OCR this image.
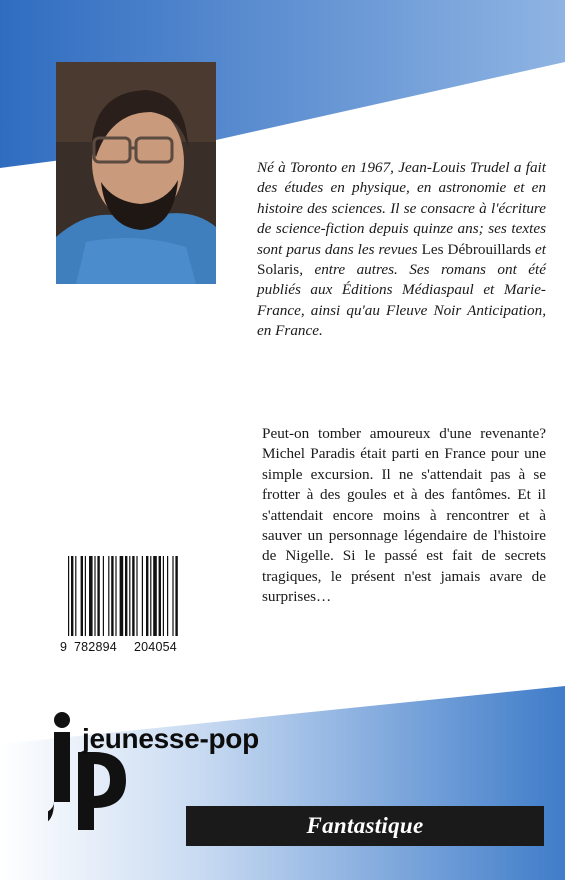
Né à Toronto en 1967, Jean-Louis Trudel a fait des études en physique, en astronomie et en histoire des sciences. Il se consacre à l'écriture de science-fiction depuis quinze ans; ses textes sont parus dans les revues Les Débrouillards et Solaris, entre autres. Ses romans ont été publiés aux Éditions Médiaspaul et Marie-France, ainsi qu'au Fleuve Noir Anticipation, en France.
Peut-on tomber amoureux d'une revenante? Michel Paradis était parti en France pour une simple excursion. Il ne s'attendait pas à se frotter à des goules et à des fantômes. Et il s'attendait encore moins à rencontrer et à sauver un personnage légendaire de l'histoire de Nigelle. Si le passé est fait de secrets tragiques, le présent n'est jamais avare de surprises…
9 782894 204054
jeunesse-pop
Fantastique
